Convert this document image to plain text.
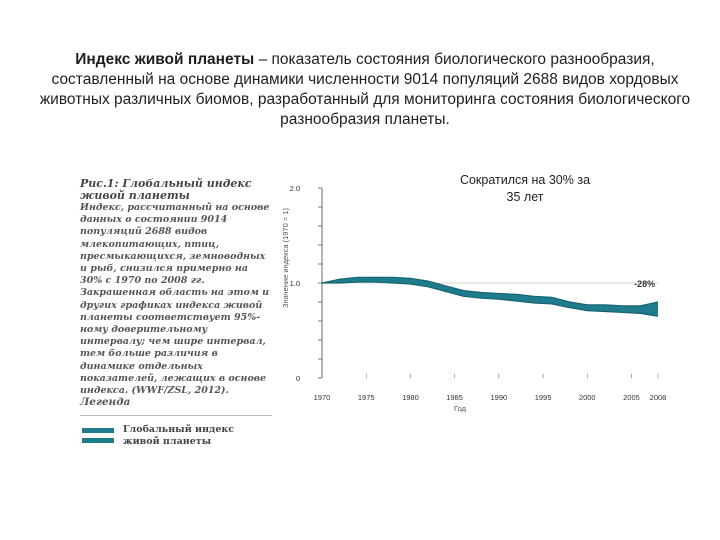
Индекс живой планеты – показатель состояния биологического разнообразия, составленный на основе динамики численности 9014 популяций 2688 видов хордовых животных различных биомов, разработанный для мониторинга состояния биологического разнообразия планеты.
Сократился на 30% за 35 лет
Рис.1: Глобальный индекс живой планеты
Индекс, рассчитанный на основе данных о состоянии 9014 популяций 2688 видов млекопитающих, птиц, пресмыкающихся, земноводных и рыб, снизился примерно на 30% с 1970 по 2008 гг. Закрашенная область на этом и других графиках индекса живой планеты соответствует 95%-ному доверительному интервалу; чем шире интервал, тем больше различия в динамике отдельных показателей, лежащих в основе индекса. (WWF/ZSL, 2012).
Легенда
Глобальный индекс живой планеты
0
1.0
2.0
1970	1975	1980	1985	1990	1995	2000	2005 2008
Год
Значение индекса (1970 = 1)	-28%
